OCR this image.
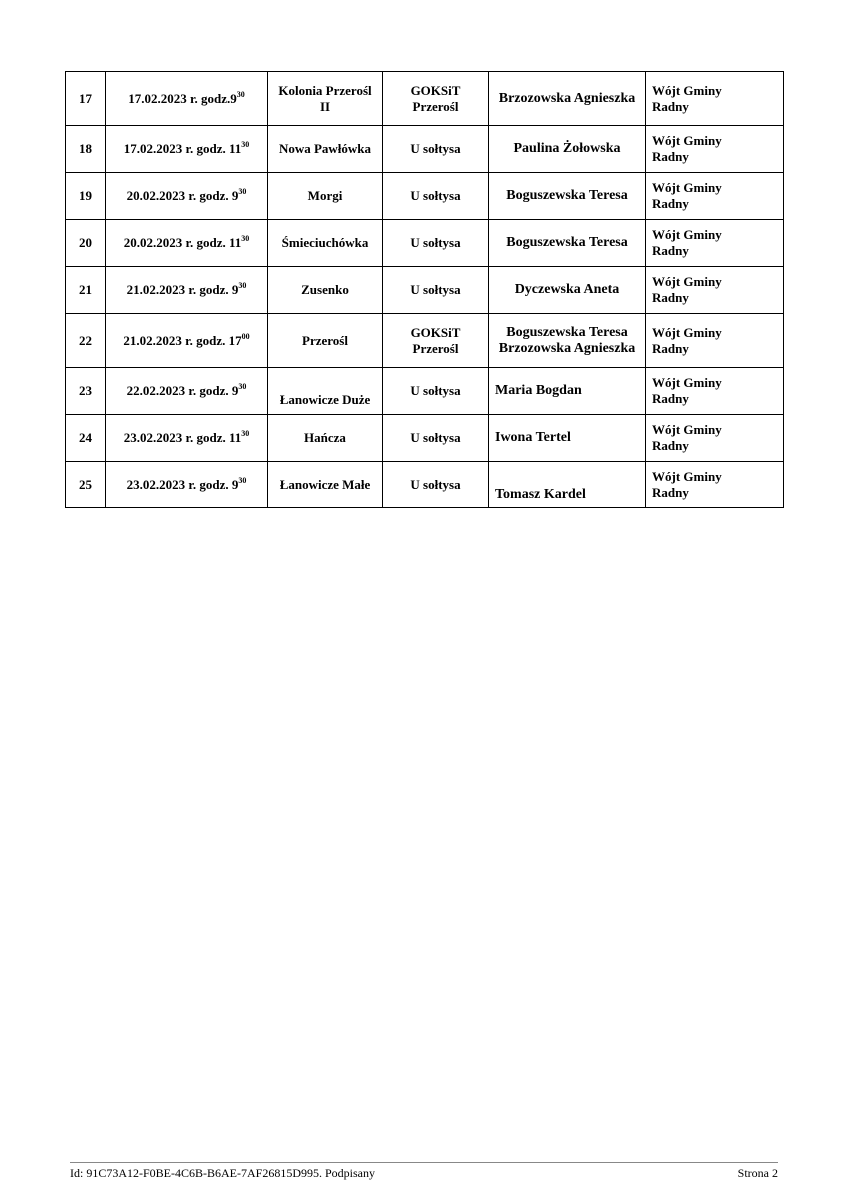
17	17.02.2023 r. $godz.9^{30}$	Kolonia Przerośl II	GOKSiT Przerośl	Brzozowska Agnieszka	Wójt Gminy
Radny

18	17.02.2023 r. godz. $11^{30}$	Nowa Pawłówka	U sołtysa	Paulina Żołowska	Wójt Gminy
Radny

19	20.02.2023 r. godz. $9^{30}$	Morgi	U sołtysa	Boguszewska Teresa	Wójt Gminy
Radny

20	20.02.2023 r. godz. $11^{30}$	Śmieciuchówka	U sołtysa	Boguszewska Teresa	Wójt Gminy
Radny

21	21.02.2023 r. godz. $9^{30}$	Zusenko	U sołtysa	Dyczewska Aneta	Wójt Gminy
Radny

22	21.02.2023 r. godz. $17^{00}$	Przerośl	GOKSiT Przerośl	Boguszewska Teresa Brzozowska Agnieszka	Wójt Gminy
Radny

23	22.02.2023 r. godz. $9^{30}$	Łanowicze Duże	U sołtysa	Maria Bogdan	Wójt Gminy
Radny

24	23.02.2023 r. godz. $11^{30}$	Hańcza	U sołtysa	Iwona Tertel	Wójt Gminy
Radny

25	23.02.2023 r. godz. $9^{30}$	Łanowicze Małe	U sołtysa	Tomasz Kardel	Wójt Gminy
Radny
Id: 91C73A12-F0BE-4C6B-B6AE-7AF26815D995. Podpisany	Strona 2
